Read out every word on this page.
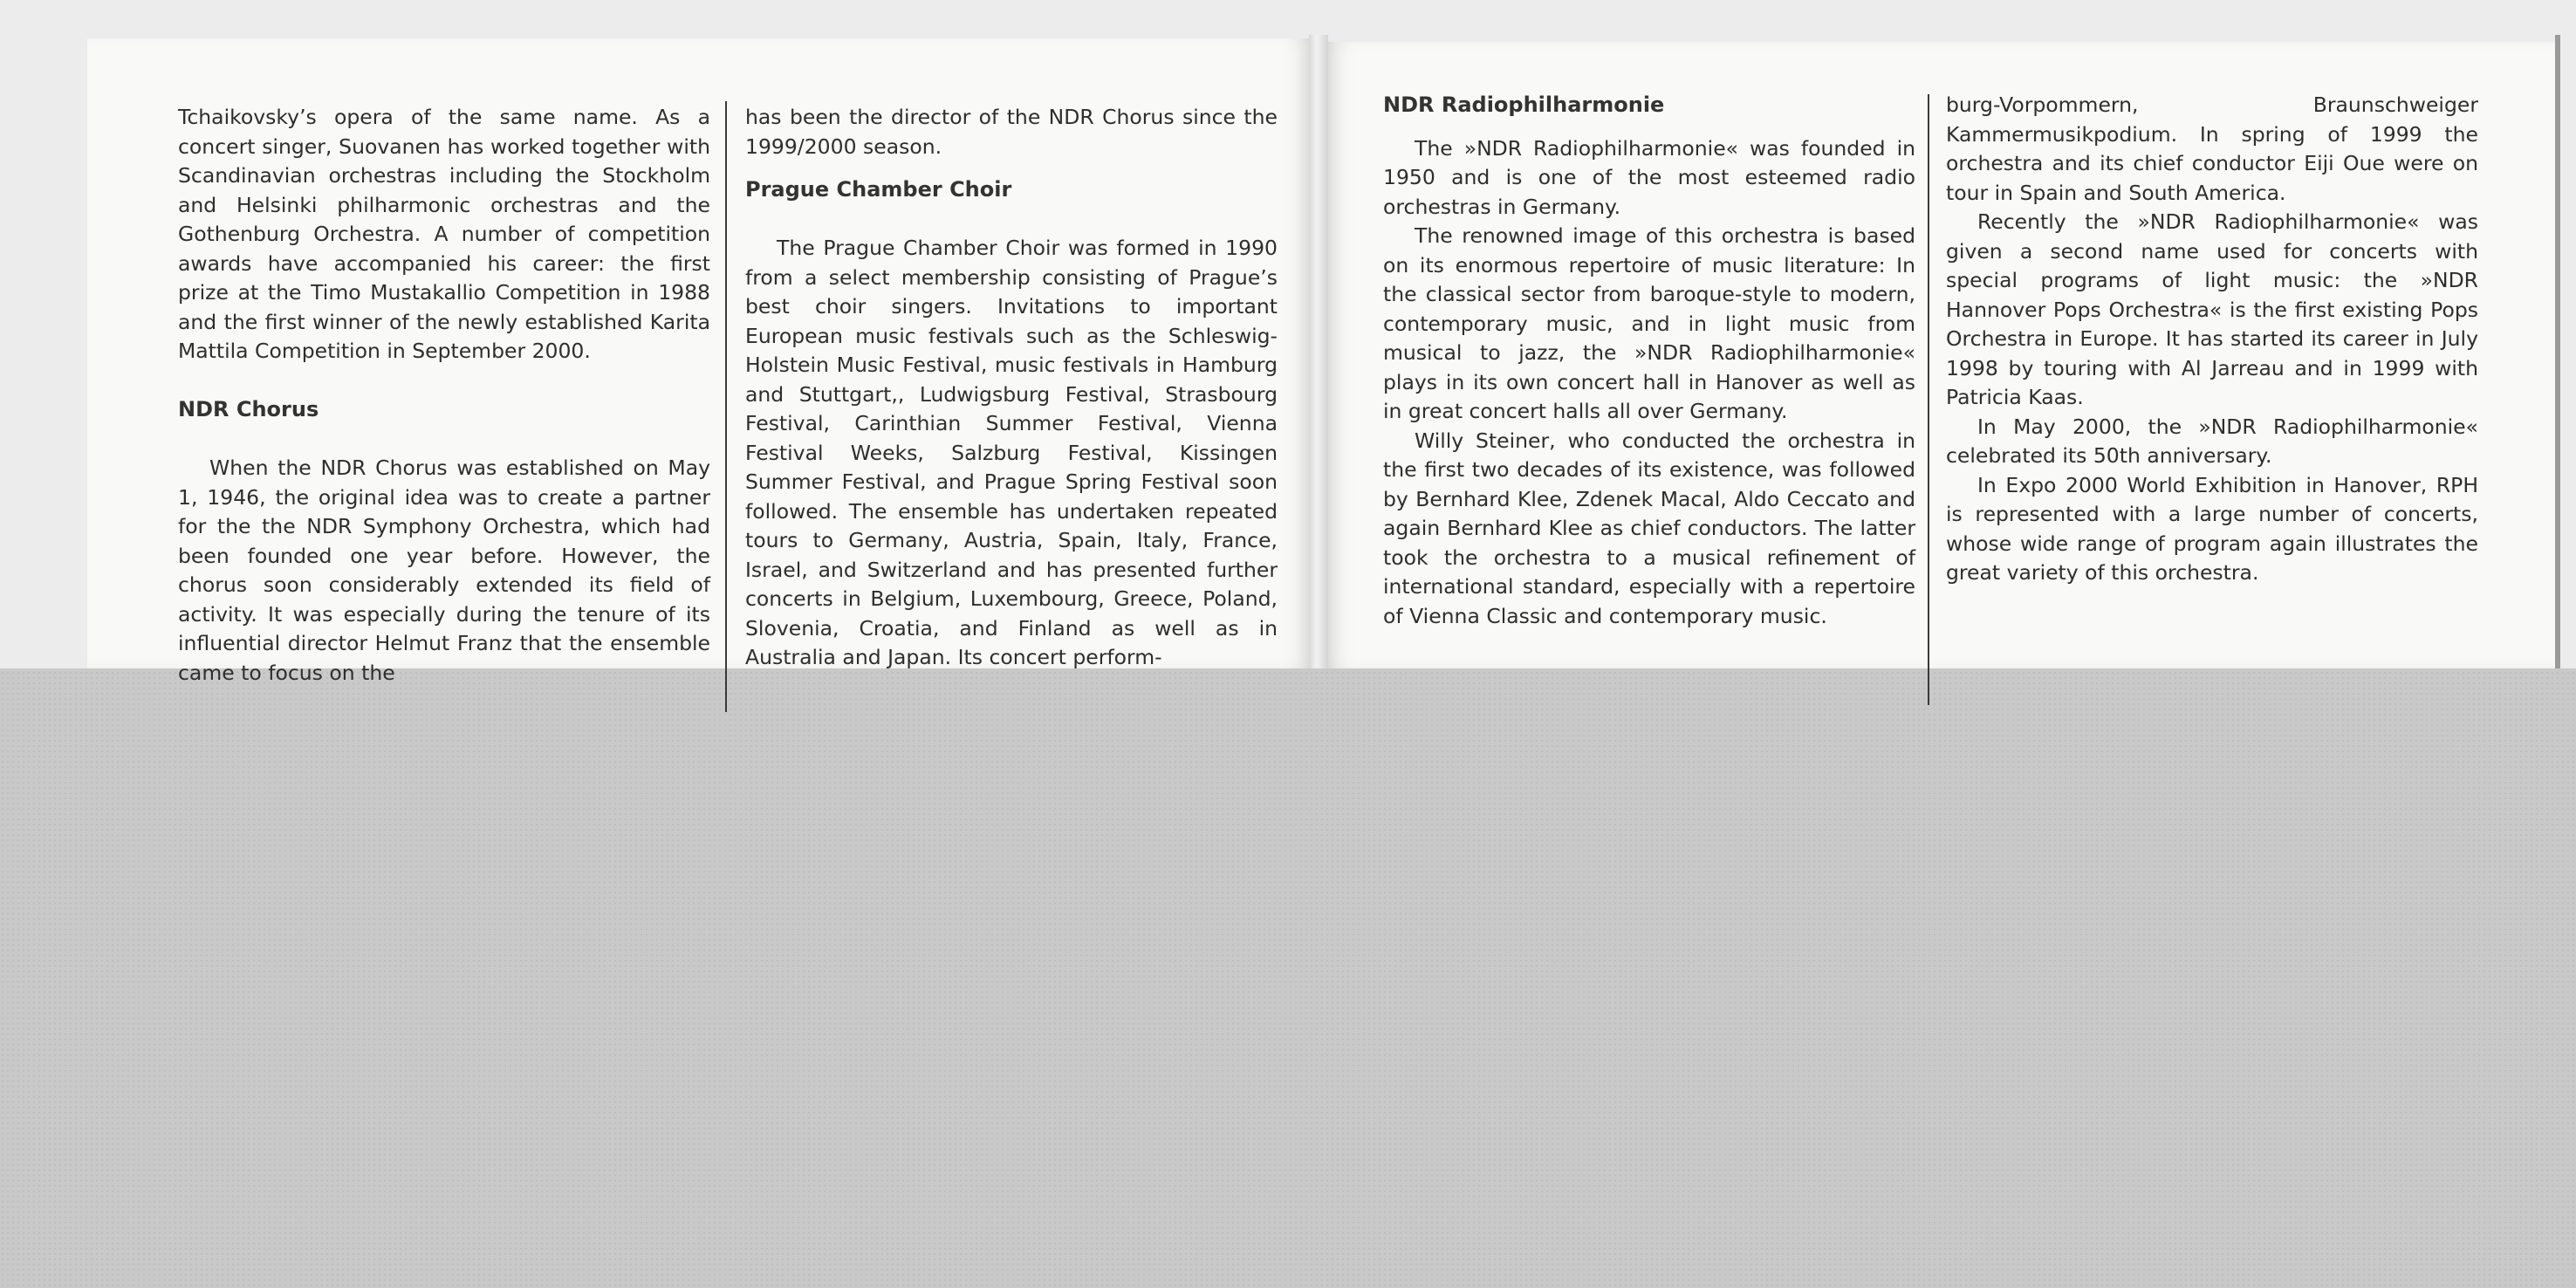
Tchaikovsky’s opera of the same name. As a concert singer, Suovanen has worked together with Scandinavian orchestras including the Stockholm and Helsinki philharmonic orchestras and the Gothenburg Orchestra. A number of competition awards have accompanied his career: the first prize at the Timo Mustakallio Competition in 1988 and the first winner of the newly established Karita Mattila Competition in September 2000.

NDR Chorus

When the NDR Chorus was established on May 1, 1946, the original idea was to create a partner for the the NDR Symphony Orchestra, which had been founded one year before. However, the chorus soon considerably extended its field of activity. It was especially during the tenure of its influential director Helmut Franz that the ensemble came to focus on the

has been the director of the NDR Chorus since the 1999/2000 season.

Prague Chamber Choir

The Prague Chamber Choir was formed in 1990 from a select membership consisting of Prague’s best choir singers. Invitations to important European music festivals such as the Schleswig-Holstein Music Festival, music festivals in Hamburg and Stuttgart,, Ludwigsburg Festival, Strasbourg Festival, Carinthian Summer Festival, Vienna Festival Weeks, Salzburg Festival, Kissingen Summer Festival, and Prague Spring Festival soon followed. The ensemble has undertaken repeated tours to Germany, Austria, Spain, Italy, France, Israel, and Switzerland and has presented further concerts in Belgium, Luxembourg, Greece, Poland, Slovenia, Croatia, and Finland as well as in Australia and Japan. Its concert perform-

NDR Radiophilharmonie

The »NDR Radiophilharmonie« was founded in 1950 and is one of the most esteemed radio orchestras in Germany.

The renowned image of this orchestra is based on its enormous repertoire of music literature: In the classical sector from baroque-style to modern, contemporary music, and in light music from musical to jazz, the »NDR Radiophilharmonie« plays in its own concert hall in Hanover as well as in great concert halls all over Germany.

Willy Steiner, who conducted the orchestra in the first two decades of its existence, was followed by Bernhard Klee, Zdenek Macal, Aldo Ceccato and again Bernhard Klee as chief conductors. The latter took the orchestra to a musical refinement of international standard, especially with a repertoire of Vienna Classic and contemporary music.

burg-Vorpommern, Braunschweiger Kammermusikpodium. In spring of 1999 the orchestra and its chief conductor Eiji Oue were on tour in Spain and South America.

Recently the »NDR Radiophilharmonie« was given a second name used for concerts with special programs of light music: the »NDR Hannover Pops Orchestra« is the first existing Pops Orchestra in Europe. It has started its career in July 1998 by touring with Al Jarreau and in 1999 with Patricia Kaas.

In May 2000, the »NDR Radiophilharmonie« celebrated its 50th anniversary.

In Expo 2000 World Exhibition in Hanover, RPH is represented with a large number of concerts, whose wide range of program again illustrates the great variety of this orchestra.
